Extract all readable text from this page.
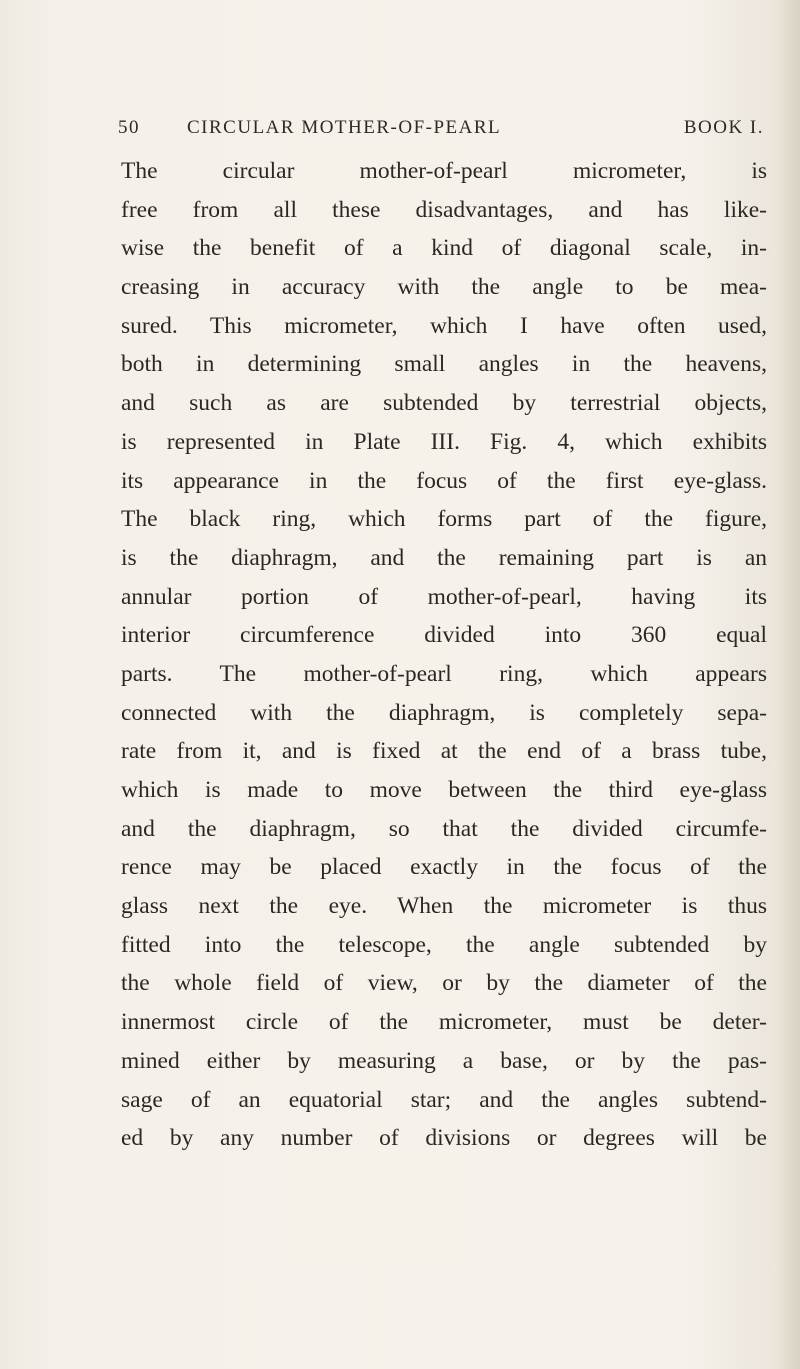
50 CIRCULAR MOTHER-OF-PEARL	BOOK I.
The circular mother-of-pearl micrometer, is
free from all these disadvantages, and has like-
wise the benefit of a kind of diagonal scale, in-
creasing in accuracy with the angle to be mea-
sured. This micrometer, which I have often used,
both in determining small angles in the heavens,
and such as are subtended by terrestrial objects,
is represented in Plate III. Fig. 4, which exhibits
its appearance in the focus of the first eye-glass.
The black ring, which forms part of the figure,
is the diaphragm, and the remaining part is an
annular portion of mother-of-pearl, having its
interior circumference divided into 360 equal
parts. The mother-of-pearl ring, which appears
connected with the diaphragm, is completely sepa-
rate from it, and is fixed at the end of a brass tube,
which is made to move between the third eye-glass
and the diaphragm, so that the divided circumfe-
rence may be placed exactly in the focus of the
glass next the eye. When the micrometer is thus
fitted into the telescope, the angle subtended by
the whole field of view, or by the diameter of the
innermost circle of the micrometer, must be deter-
mined either by measuring a base, or by the pas-
sage of an equatorial star; and the angles subtend-
ed by any number of divisions or degrees will be
